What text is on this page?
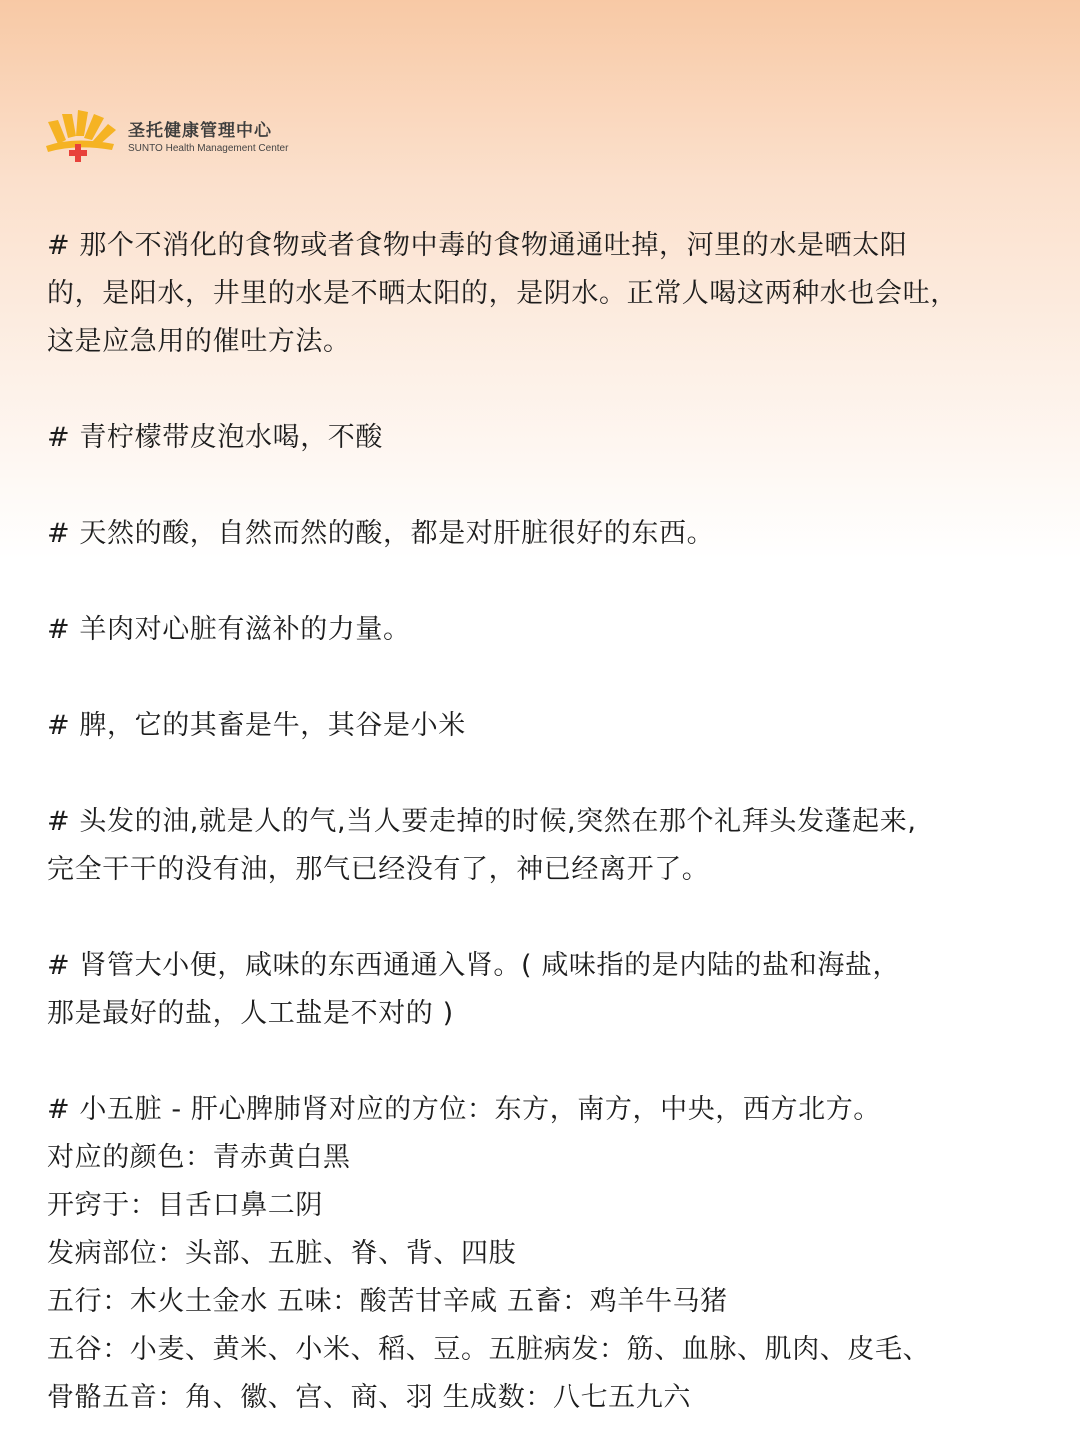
圣托健康管理中心
SUNTO Health Management Center
# 那个不消化的食物或者食物中毒的食物通通吐掉，河里的水是晒太阳
的，是阳水，井里的水是不晒太阳的，是阴水。正常人喝这两种水也会吐，
这是应急用的催吐方法。
# 青柠檬带皮泡水喝，不酸
# 天然的酸，自然而然的酸，都是对肝脏很好的东西。
# 羊肉对心脏有滋补的力量。
# 脾，它的其畜是牛，其谷是小米
# 头发的油,就是人的气,当人要走掉的时候,突然在那个礼拜头发蓬起来,
完全干干的没有油，那气已经没有了，神已经离开了。
# 肾管大小便，咸味的东西通通入肾。( 咸味指的是内陆的盐和海盐，
那是最好的盐，人工盐是不对的 )
# 小五脏 - 肝心脾肺肾对应的方位：东方，南方，中央，西方北方。
对应的颜色：青赤黄白黑
开窍于：目舌口鼻二阴
发病部位：头部、五脏、脊、背、四肢
五行：木火土金水 五味：酸苦甘辛咸 五畜：鸡羊牛马猪
五谷：小麦、黄米、小米、稻、豆。五脏病发：筋、血脉、肌肉、皮毛、
骨骼五音：角、徽、宫、商、羽 生成数：八七五九六
